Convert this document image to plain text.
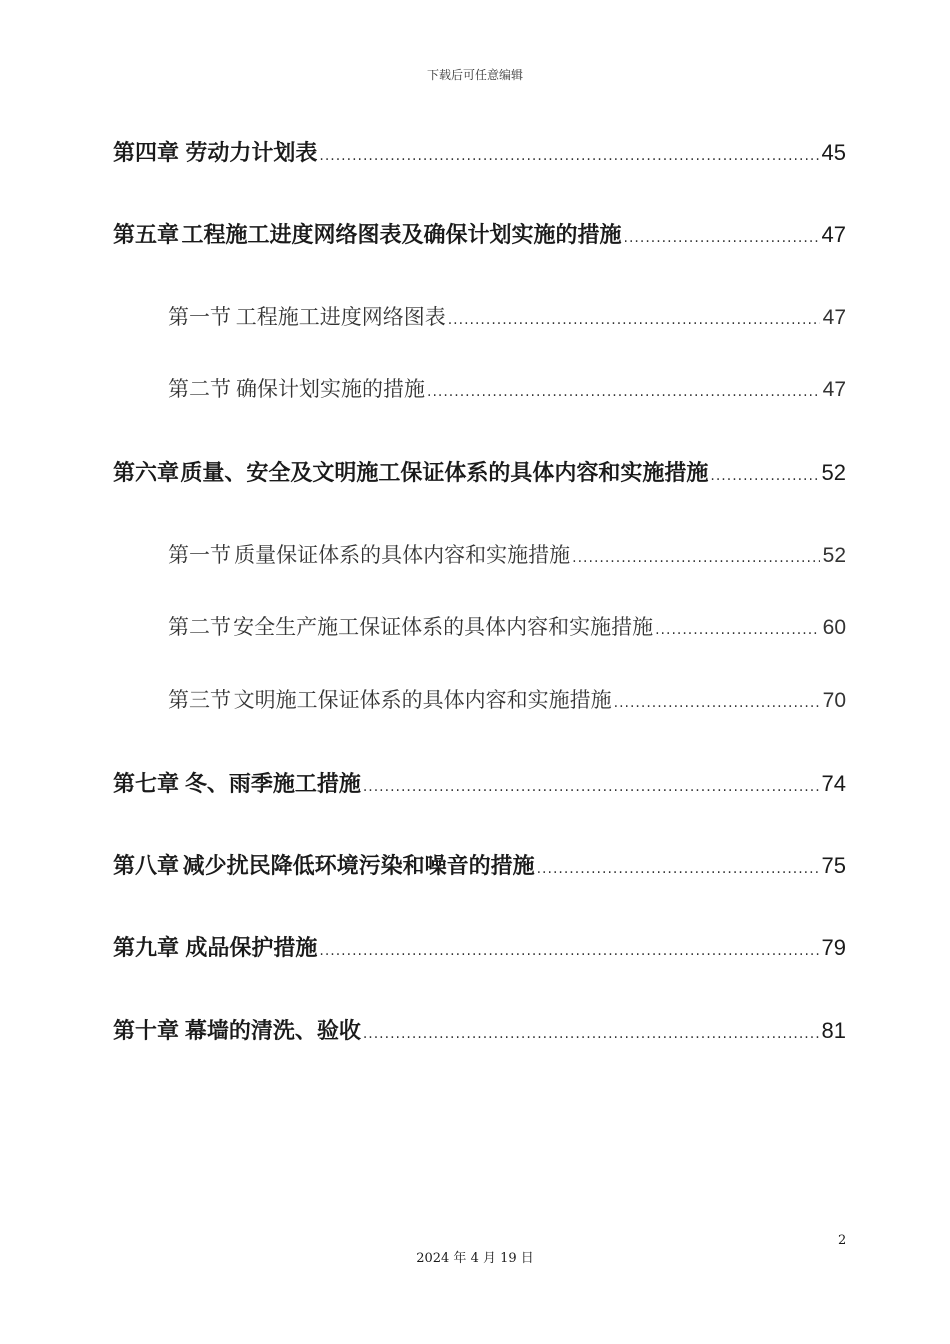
下载后可任意编辑
第四章 劳动力计划表 .....	45
第五章 工程施工进度网络图表及确保计划实施的措施 .....	47
第一节 工程施工进度网络图表 .....	47
第二节 确保计划实施的措施 .....	47
第六章 质量、安全及文明施工保证体系的具体内容和实施措施 .....	52
第一节 质量保证体系的具体内容和实施措施 .....	52
第二节 安全生产施工保证体系的具体内容和实施措施 .....	60
第三节 文明施工保证体系的具体内容和实施措施 .....	70
第七章 冬、雨季施工措施 .....	74
第八章 减少扰民降低环境污染和噪音的措施 .....	75
第九章 成品保护措施 .....	79
第十章 幕墙的清洗、验收 .....	81
2
2024 年 4 月 19 日
